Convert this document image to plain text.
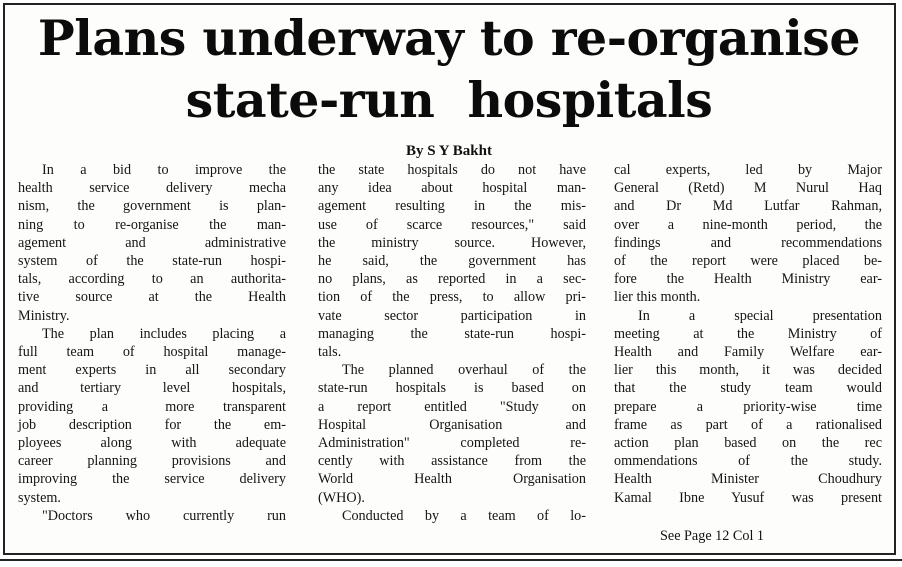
Plans underway to re-organise
state-run  hospitals
By S Y Bakht
In a bid to improve the
health service delivery mecha
nism, the government is plan-
ning to re-organise the man-
agement and administrative
system of the state-run hospi-
tals, according to an authorita-
tive source at the Health
Ministry.
The plan includes placing a
full team of hospital manage-
ment experts in all secondary
and tertiary level hospitals,
providing a  more transparent
job description for the em-
ployees along with adequate
career planning provisions and
improving the service delivery
system.
"Doctors who currently run
the state hospitals do not have
any idea about hospital man-
agement resulting in the mis-
use of scarce resources," said
the ministry source. However,
he said, the government has
no plans, as reported in a sec-
tion of the press, to allow pri-
vate sector participation in
managing the state-run hospi-
tals.
The planned overhaul of the
state-run hospitals is based on
a report entitled "Study on
Hospital Organisation and
Administration" completed re-
cently with assistance from the
World Health Organisation
(WHO).
Conducted by a team of lo-
cal experts, led by Major
General (Retd) M Nurul Haq
and Dr Md Lutfar Rahman,
over a nine-month period, the
findings and recommendations
of the report were placed be-
fore the Health Ministry ear-
lier this month.
In a special presentation
meeting at the Ministry of
Health and Family Welfare ear-
lier this month, it was decided
that the study team would
prepare a priority-wise time
frame as part of a rationalised
action plan based on the rec
ommendations of the study.
Health Minister Choudhury
Kamal Ibne Yusuf was present
See Page 12 Col 1
